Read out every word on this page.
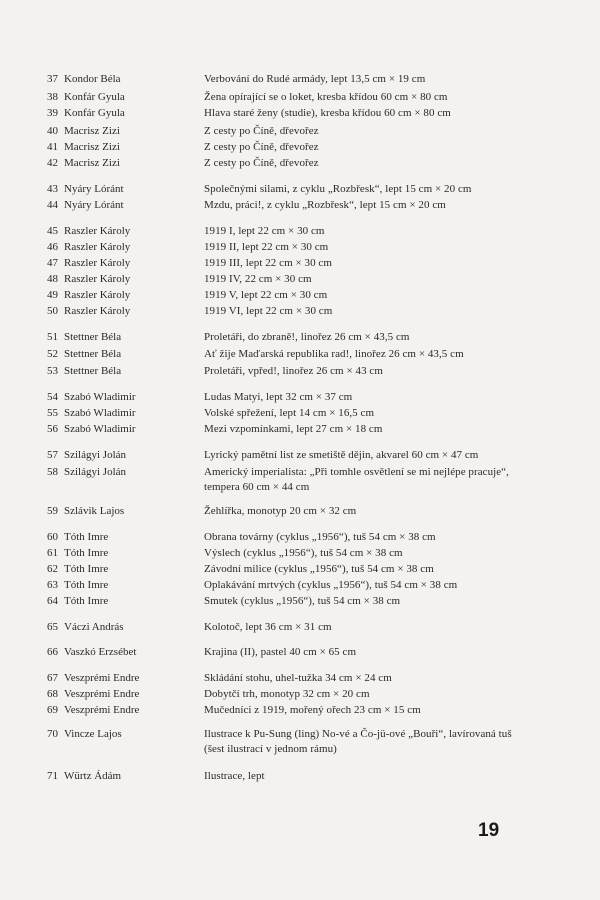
37 Kondor Béla	Verbování do Rudé armády, lept 13,5 cm × 19 cm
38 Konfár Gyula	Žena opírající se o loket, kresba křídou 60 cm × 80 cm
39 Konfár Gyula	Hlava staré ženy (studie), kresba křídou 60 cm × 80 cm
40 Macrisz Zizi	Z cesty po Číně, dřevořez
41 Macrisz Zizi	Z cesty po Číně, dřevořez
42 Macrisz Zizi	Z cesty po Číně, dřevořez
43 Nyáry Lóránt	Společnými silami, z cyklu „Rozbřesk“, lept 15 cm × 20 cm
44 Nyáry Lóránt	Mzdu, práci!, z cyklu „Rozbřesk“, lept 15 cm × 20 cm
45 Raszler Károly	1919 I, lept 22 cm × 30 cm
46 Raszler Károly	1919 II, lept 22 cm × 30 cm
47 Raszler Károly	1919 III, lept 22 cm × 30 cm
48 Raszler Károly	1919 IV, 22 cm × 30 cm
49 Raszler Károly	1919 V, lept 22 cm × 30 cm
50 Raszler Károly	1919 VI, lept 22 cm × 30 cm
51 Stettner Béla	Proletáři, do zbraně!, linořez 26 cm × 43,5 cm
52 Stettner Béla	Ať žije Maďarská republika rad!, linořez 26 cm × 43,5 cm
53 Stettner Béla	Proletáři, vpřed!, linořez 26 cm × 43 cm
54 Szabó Wladimir	Ludas Matyi, lept 32 cm × 37 cm
55 Szabó Wladimir	Volské spřežení, lept 14 cm × 16,5 cm
56 Szabó Wladimir	Mezi vzpomínkami, lept 27 cm × 18 cm
57 Szilágyi Jolán	Lyrický pamětní list ze smetiště dějin, akvarel 60 cm × 47 cm
58 Szilágyi Jolán	Americký imperialista: „Při tomhle osvětlení se mi nejlépe pracuje“, tempera 60 cm × 44 cm
59 Szlávik Lajos	Žehlířka, monotyp 20 cm × 32 cm
60 Tóth Imre	Obrana továrny (cyklus „1956“), tuš 54 cm × 38 cm
61 Tóth Imre	Výslech (cyklus „1956“), tuš 54 cm × 38 cm
62 Tóth Imre	Závodní milice (cyklus „1956“), tuš 54 cm × 38 cm
63 Tóth Imre	Oplakávání mrtvých (cyklus „1956“), tuš 54 cm × 38 cm
64 Tóth Imre	Smutek (cyklus „1956“), tuš 54 cm × 38 cm
65 Váczi András	Kolotoč, lept 36 cm × 31 cm
66 Vaszkó Erzsébet	Krajina (II), pastel 40 cm × 65 cm
67 Veszprémi Endre	Skládání stohu, uhel-tužka 34 cm × 24 cm
68 Veszprémi Endre	Dobytčí trh, monotyp 32 cm × 20 cm
69 Veszprémi Endre	Mučedníci z 1919, mořený ořech 23 cm × 15 cm
70 Vincze Lajos	Ilustrace k Pu-Sung (ling) No-vé a Čo-jü-ové „Bouři“, lavírovaná tuš (šest ilustrací v jednom rámu)
71 Würtz Ádám	Ilustrace, lept
19
